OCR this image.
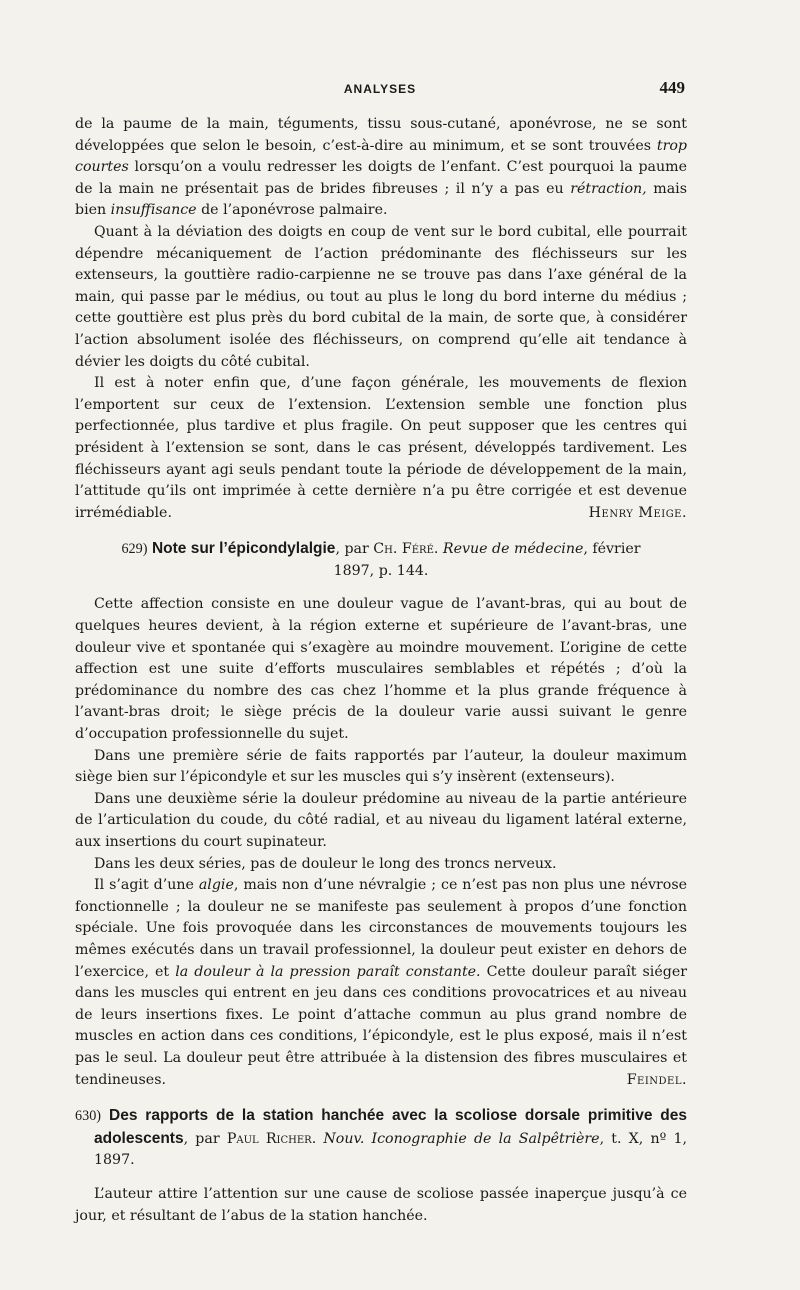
ANALYSES	449

de la paume de la main, téguments, tissu sous-cutané, aponévrose, ne se sont développées que selon le besoin, c’est-à-dire au minimum, et se sont trouvées trop courtes lorsqu’on a voulu redresser les doigts de l’enfant. C’est pourquoi la paume de la main ne présentait pas de brides fibreuses ; il n’y a pas eu rétraction, mais bien insuffisance de l’aponévrose palmaire.

Quant à la déviation des doigts en coup de vent sur le bord cubital, elle pourrait dépendre mécaniquement de l’action prédominante des fléchisseurs sur les extenseurs, la gouttière radio-carpienne ne se trouve pas dans l’axe général de la main, qui passe par le médius, ou tout au plus le long du bord interne du médius ; cette gouttière est plus près du bord cubital de la main, de sorte que, à considérer l’action absolument isolée des fléchisseurs, on comprend qu’elle ait tendance à dévier les doigts du côté cubital.

Il est à noter enfin que, d’une façon générale, les mouvements de flexion l’emportent sur ceux de l’extension. L’extension semble une fonction plus perfectionnée, plus tardive et plus fragile. On peut supposer que les centres qui président à l’extension se sont, dans le cas présent, développés tardivement. Les fléchisseurs ayant agi seuls pendant toute la période de développement de la main, l’attitude qu’ils ont imprimée à cette dernière n’a pu être corrigée et est devenue irrémédiable.	Henry Meige.

629) Note sur l’épicondylalgie, par Ch. Féré. Revue de médecine, février
1897, p. 144.

Cette affection consiste en une douleur vague de l’avant-bras, qui au bout de quelques heures devient, à la région externe et supérieure de l’avant-bras, une douleur vive et spontanée qui s’exagère au moindre mouvement. L’origine de cette affection est une suite d’efforts musculaires semblables et répétés ; d’où la prédominance du nombre des cas chez l’homme et la plus grande fréquence à l’avant-bras droit; le siège précis de la douleur varie aussi suivant le genre d’occupation professionnelle du sujet.

Dans une première série de faits rapportés par l’auteur, la douleur maximum siège bien sur l’épicondyle et sur les muscles qui s’y insèrent (extenseurs).

Dans une deuxième série la douleur prédomine au niveau de la partie antérieure de l’articulation du coude, du côté radial, et au niveau du ligament latéral externe, aux insertions du court supinateur.

Dans les deux séries, pas de douleur le long des troncs nerveux.

Il s’agit d’une algie, mais non d’une névralgie ; ce n’est pas non plus une névrose fonctionnelle ; la douleur ne se manifeste pas seulement à propos d’une fonction spéciale. Une fois provoquée dans les circonstances de mouvements toujours les mêmes exécutés dans un travail professionnel, la douleur peut exister en dehors de l’exercice, et la douleur à la pression paraît constante. Cette douleur paraît siéger dans les muscles qui entrent en jeu dans ces conditions provocatrices et au niveau de leurs insertions fixes. Le point d’attache commun au plus grand nombre de muscles en action dans ces conditions, l’épicondyle, est le plus exposé, mais il n’est pas le seul. La douleur peut être attribuée à la distension des fibres musculaires et tendineuses.	Feindel.

630) Des rapports de la station hanchée avec la scoliose dorsale primitive des adolescents, par Paul Richer. Nouv. Iconographie de la Salpêtrière, t. X, nº 1, 1897.

L’auteur attire l’attention sur une cause de scoliose passée inaperçue jusqu’à ce jour, et résultant de l’abus de la station hanchée.
